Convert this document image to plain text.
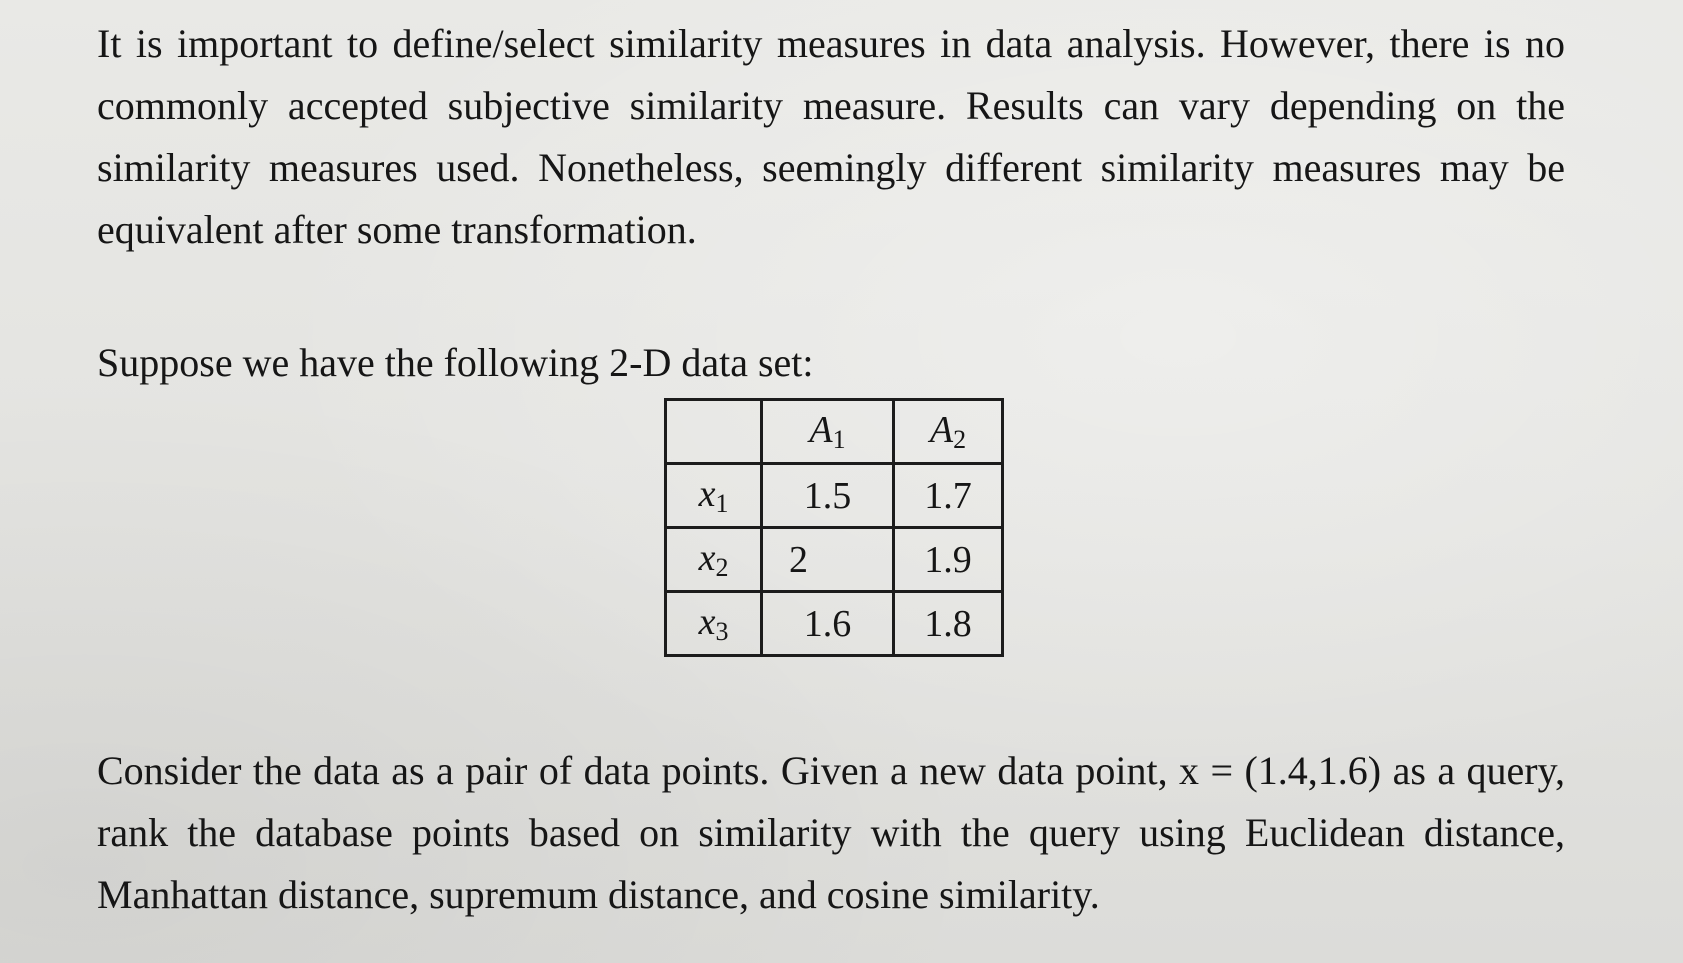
It is important to define/select similarity measures in data analysis. However, there is no commonly accepted subjective similarity measure. Results can vary depending on the similarity measures used. Nonetheless, seemingly different similarity measures may be equivalent after some transformation.

Suppose we have the following 2-D data set:

	$A_1$	$A_2$
$x_1$	1.5	1.7
$x_2$	2	1.9
$x_3$	1.6	1.8

Consider the data as a pair of data points. Given a new data point, x = (1.4,1.6) as a query, rank the database points based on similarity with the query using Euclidean distance, Manhattan distance, supremum distance, and cosine similarity.
